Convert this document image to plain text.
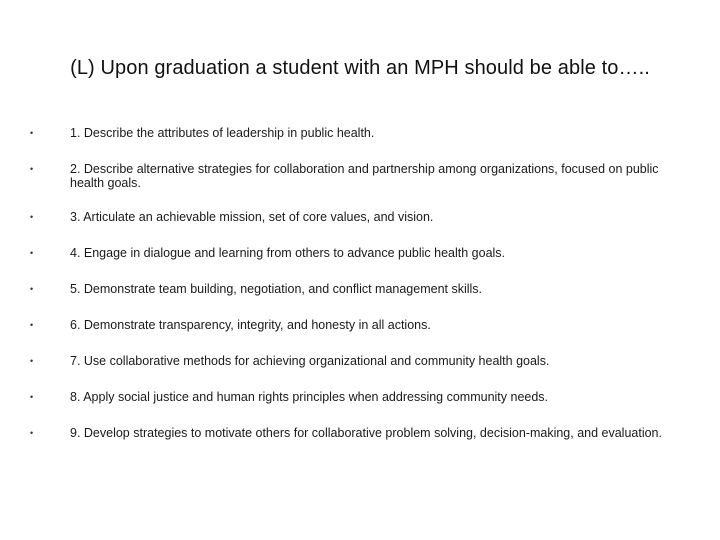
(L) Upon graduation a student with an MPH should be able to…..
•	1. Describe the attributes of leadership in public health.
•	2. Describe alternative strategies for collaboration and partnership among organizations, focused on public health goals.
•	3. Articulate an achievable mission, set of core values, and vision.
•	4. Engage in dialogue and learning from others to advance public health goals.
•	5. Demonstrate team building, negotiation, and conflict management skills.
•	6. Demonstrate transparency, integrity, and honesty in all actions.
•	7. Use collaborative methods for achieving organizational and community health goals.
•	8. Apply social justice and human rights principles when addressing community needs.
•	9. Develop strategies to motivate others for collaborative problem solving, decision-making, and evaluation.
